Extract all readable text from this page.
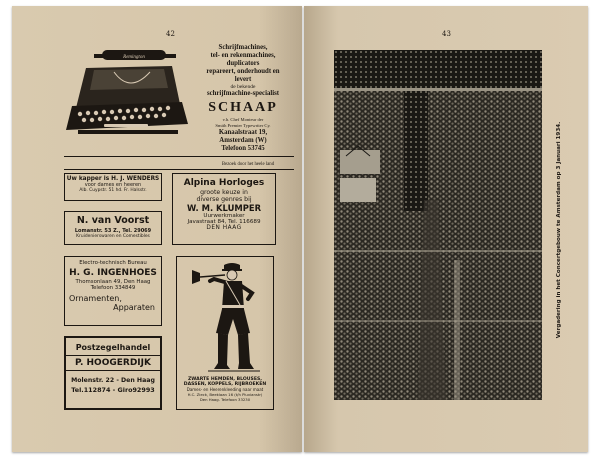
42
Remington
Schrijfmachines,
tel- en rekenmachines,
duplicators
repareert, onderhoudt en
levert
de bekende
schrijfmachine-specialist
SCHAAP
v.h. Chef Monteur der
Smith Premier Typewriter Cy.
Kanaalstraat 19,
Amsterdam (W)
Telefoon 53745
Bezoek door het heele land
Uw kapper is H. J. WENDERS
voor dames en heeren
Alb. Cuypstr. 51 hd. Fr. Halsstr.
N. van Voorst
Lomanstr. 53 Z., Tel. 29069
Kruidenierswaren en Comestibles
Electro-technisch Bureau
H. G. INGENHOES
Thomsonlaan 49, Den Haag
Telefoon 334849
Ornamenten,
Apparaten
Postzegelhandel
P. HOOGERDIJK
Molenstr. 22 - Den Haag
Tel.112874 - Giro92993
Alpina Horloges
groote keuze in
diverse genres bij
W. M. KLUMPER
Uurwerkmaker
Javastraat 84, Tel. 116689
DEN HAAG
ZWARTE HEMDEN, BLOUSES,
DASSEN, KOPPELS, RIJBROEKEN
Dames- en Heerenkleeding naar maat
H.C. Zieck, Beeklaan 16 (t/h Pluvianstr)
Den Haag. Telefoon 33230
43
Vergadering in het Concertgebouw te Amsterdam op 3 Januari 1934.
